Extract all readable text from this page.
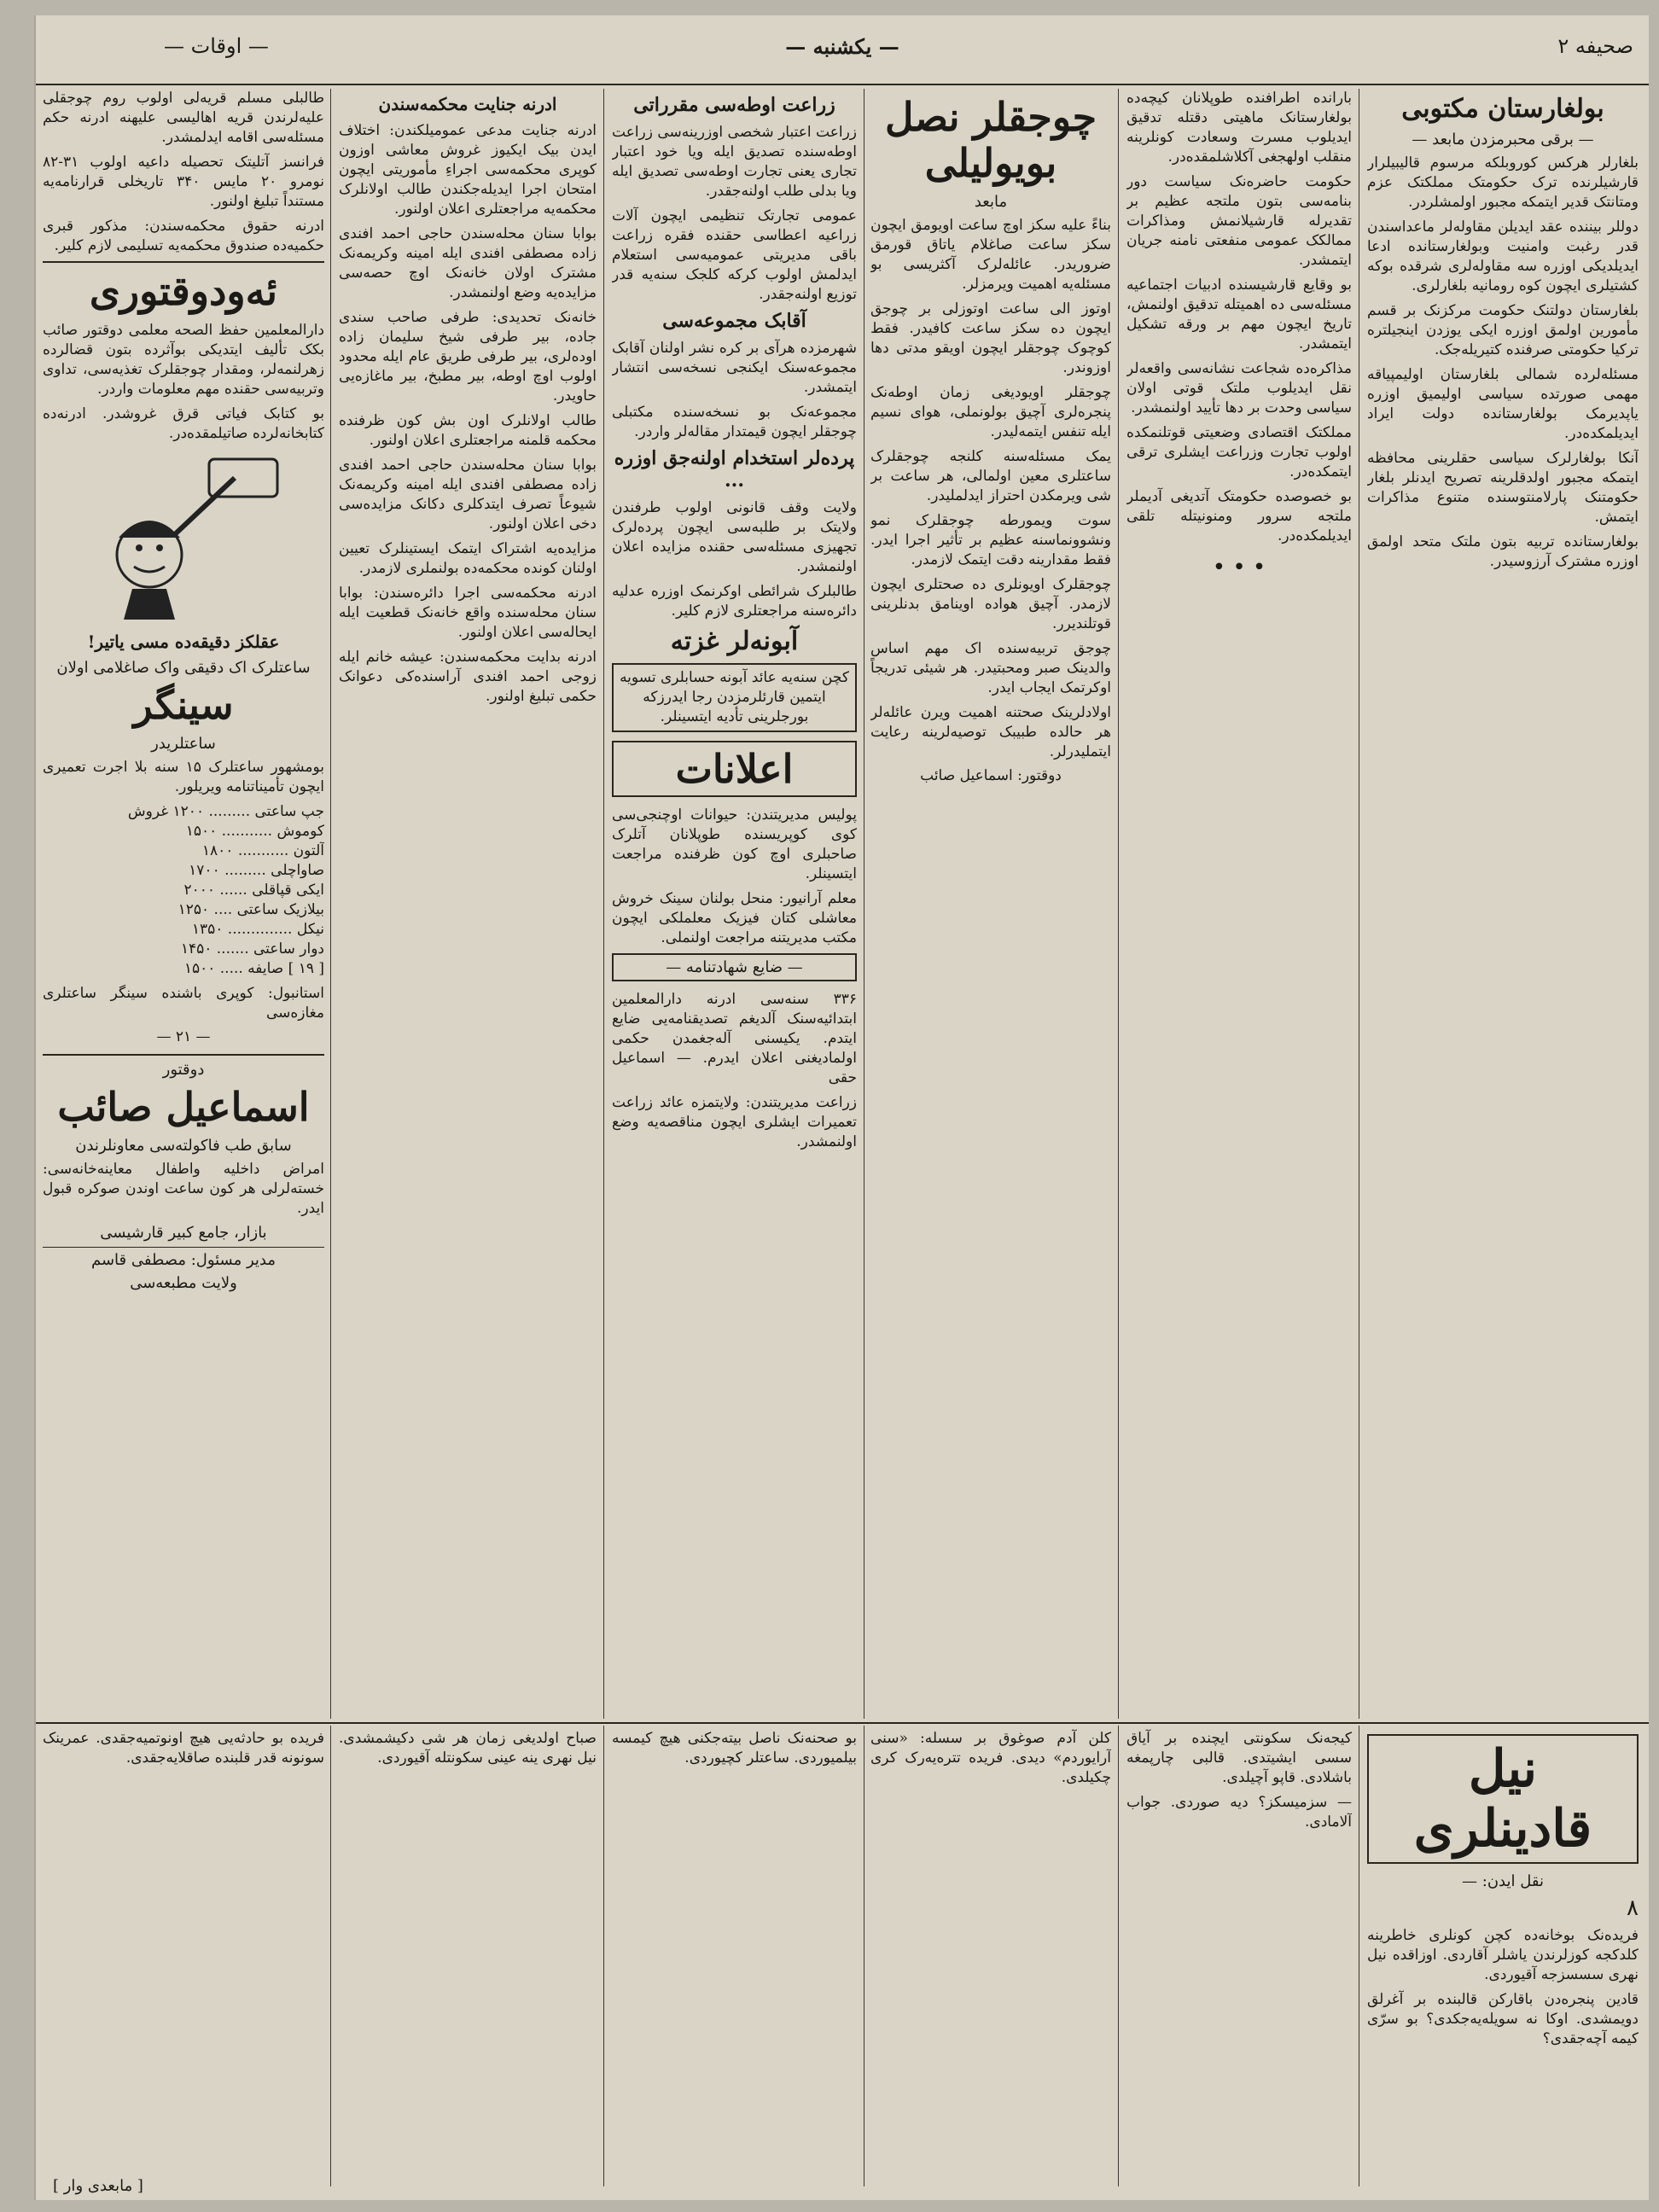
— یکشنبه —	صحیفه ۲
— اوقات —
بولغارستان مکتوبی
— برقی محبرمزدن مابعد —

بلغارلر هرکس کوروبلکه مرسوم قالیبیلرار قارشیلرنده ترک حکومتک مملکتک عزم ومتانتک قدیر ایتمکه مجبور اولمشلردر.

دوللر بیننده عقد ایدیلن مقاوله‌لر ماعداسندن قدر رغبت وامنیت وبولغارستانده ادعا ایدیلدیکی اوزره سه مقاوله‌لری شرقده بوکه کشتیلری ایچون کوه رومانیه بلغارلری.

بلغارستان دولتنک حکومت مرکزنک بر قسم مأمورین اولمق اوزره ایکی یوزدن اینجیلتره ترکیا حکومتی صرفنده کتیریله‌جک.

مسئله‌لرده شمالی بلغارستان اولیمپیاقه مهمی صورتده سیاسی اولیمیق اوزره یاپدیرمک بولغارستانده دولت ایراد ایدیلمکده‌در.

آنکا بولغارلرک سیاسی حقلرینی محافظه ایتمکه مجبور اولدقلرینه تصریح ایدنلر بلغار حکومتنک پارلامنتوسنده متنوع مذاکرات ایتمش.

بولغارستانده تربیه بتون ملتک متحد اولمق اوزره مشترک آرزوسیدر.

بارانده اطرافنده طوپلانان کیچه‌ده بولغارستانک ماهیتی دقتله تدقیق ایدیلوب مسرت وسعادت کونلرینه منقلب اولهجغی آکلاشلمقده‌در.

حکومت حاضره‌نک سیاست دور بنامه‌سی بتون ملتجه عظیم بر تقدیرله قارشیلانمش ومذاکرات ممالکک عمومی منفعتی نامنه جریان ایتمشدر.

بو وقایع قارشیسنده ادبیات اجتماعیه مسئله‌سی ده اهمیتله تدقیق اولنمش، تاریخ ایچون مهم بر ورقه تشکیل ایتمشدر.

مذاکره‌ده شجاعت نشانه‌سی واقعه‌لر نقل ایدیلوب ملتک قوتی اولان سیاسی وحدت بر دها تأیید اولنمشدر.

مملکتک اقتصادی وضعیتی قوتلنمکده اولوب تجارت وزراعت ایشلری ترقی ایتمکده‌در.

بو خصوصده حکومتک آتدیغی آدیملر ملتجه سرور ومنونیتله تلقی ایدیلمکده‌در.

• • •
چوجقلر نصل بویولیلی
مابعد

بناءً علیه سکز اوچ ساعت اویومق ایچون سکز ساعت صاغلام یاتاق قورمق ضروریدر. عائله‌لرک آکثریسی بو مسئله‌یه اهمیت ویرمزلر.

اوتوز الی ساعت اوتوزلی بر چوجق ایچون ده سکز ساعت کافیدر. فقط کوچوک چوجقلر ایچون اویقو مدتی دها اوزوندر.

چوجقلر اویودیغی زمان اوطه‌نک پنجره‌لری آچیق بولونملی، هوای نسیم ایله تنفس ایتمه‌لیدر.

یمک مسئله‌سنه کلنجه چوجقلرک ساعتلری معین اولمالی، هر ساعت بر شی ویرمکدن احتراز ایدلملیدر.

سوت ویمورطه چوجقلرک نمو ونشوونماسنه عظیم بر تأثیر اجرا ایدر. فقط مقدارینه دقت ایتمک لازمدر.

چوجقلرک اویونلری ده صحتلری ایچون لازمدر. آچیق هواده اوینامق بدنلرینی قوتلندیرر.

چوجق تربیه‌سنده اک مهم اساس والدینک صبر ومحبتیدر. هر شیئی تدریجاً اوکرتمک ایجاب ایدر.

اولادلرینک صحتنه اهمیت ویرن عائله‌لر هر حالده طبیبک توصیه‌لرینه رعایت ایتملیدرلر.

دوقتور: اسماعیل صائب
زراعت اوطه‌سی مقرراتی

زراعت اعتبار شخصی اوزرینه‌سی زراعت اوطه‌سنده تصدیق ایله ویا خود اعتبار تجاری یعنی تجارت اوطه‌سی تصدیق ایله ویا بدلی طلب اولنه‌جقدر.

عمومی تجارتک تنظیمی ایچون آلات زراعیه اعطاسی حقنده فقره زراعت باقی مدیریتی عمومیه‌سی استعلام ایدلمش اولوب کرکه کلجک سنه‌یه قدر توزیع اولنه‌جقدر.

آقابک مجموعه‌سی

شهرمزده هرآی بر کره نشر اولنان آقابک مجموعه‌سنک ایکنجی نسخه‌سی انتشار ایتمشدر.

مجموعه‌نک بو نسخه‌سنده مکتبلی چوجقلر ایچون قیمتدار مقاله‌لر واردر.

پرده‌لر استخدام اولنه‌جق اوزره ...

ولایت وقف قانونی اولوب طرفندن ولایتک بر طلبه‌سی ایچون پرده‌لرک تجهیزی مسئله‌سی حقنده مزایده اعلان اولنمشدر.

طالبلرک شرائطی اوکرنمک اوزره عدلیه دائره‌سنه مراجعتلری لازم کلیر.

آبونه‌لر غزته
کچن سنه‌یه عائد آبونه حسابلری تسویه ایتمین قارئلرمزدن رجا ایدرزکه بورجلرینی تأدیه ایتسینلر.
اعلانات

پولیس مدیریتندن: حیوانات اوچنجی‌سی کوی کوپریسنده طوپلانان آتلرک صاحبلری اوچ کون ظرفنده مراجعت ایتسینلر.

معلم آرانیور: منحل بولنان سینک خروش معاشلی کتان فیزیک معلملکی ایچون مکتب مدیریتنه مراجعت اولنملی.

— ضایع شهادتنامه —

۳۳۶ سنه‌سی ادرنه دارالمعلمین ابتدائیه‌سنک آلدیغم تصدیقنامه‌یی ضایع ایتدم. یکیسنی آله‌جغمدن حکمی اولمادیغنی اعلان ایدرم. — اسماعیل حقی

زراعت مدیریتندن: ولایتمزه عائد زراعت تعمیرات ایشلری ایچون مناقصه‌یه وضع اولنمشدر.

ادرنه جنایت محکمه‌سندن

ادرنه جنایت مدعی عمومیلکندن: اختلاف ایدن بیک ایکیوز غروش معاشی اوزون کوپری محکمه‌سی اجراءِ مأموریتی ایچون امتحان اجرا ایدیله‌جکندن طالب اولانلرک محکمه‌یه مراجعتلری اعلان اولنور.

بوابا سنان محله‌سندن حاجی احمد افندی زاده مصطفی افندی ایله امینه وکریمه‌نک مشترک اولان خانه‌نک اوچ حصه‌سی مزایده‌یه وضع اولنمشدر.

خانه‌نک تحدیدی: طرفی صاحب سندی جاده، بیر طرفی شیخ سلیمان زاده اوده‌لری، بیر طرفی طریق عام ایله محدود اولوب اوچ اوطه، بیر مطبخ، بیر ماغازه‌یی حاویدر.

طالب اولانلرک اون بش کون ظرفنده محکمه قلمنه مراجعتلری اعلان اولنور.

بوابا سنان محله‌سندن حاجی احمد افندی زاده مصطفی افندی ایله امینه وکریمه‌نک شیوعاً تصرف ایتدکلری دکانک مزایده‌سی دخی اعلان اولنور.

مزایده‌یه اشتراک ایتمک ایستینلرک تعیین اولنان کونده محکمه‌ده بولنملری لازمدر.

ادرنه محکمه‌سی اجرا دائره‌سندن: بوابا سنان محله‌سنده واقع خانه‌نک قطعیت ایله ایحاله‌سی اعلان اولنور.

ادرنه بدایت محکمه‌سندن: عیشه خانم ایله زوجی احمد افندی آراسنده‌کی دعوانک حکمی تبلیغ اولنور.

طالبلی مسلم قریه‌لی اولوب روم چوجقلی علیه‌لرندن قریه اهالیسی علیهنه ادرنه حکم مسئله‌سی اقامه ایدلمشدر.

فرانسز آتلیتک تحصیله داعیه اولوب ۳۱-۸۲ نومرو ۲۰ مایس ۳۴۰ تاریخلی قرارنامه‌یه مستنداً تبلیغ اولنور.

ادرنه حقوق محکمه‌سندن: مذکور قبری حکمیه‌ده صندوق محکمه‌یه تسلیمی لازم کلیر.

ئەودوقتوری

دارالمعلمین حفظ الصحه معلمی دوقتور صائب بکک تألیف ایتدیکی بوآثرده بتون قضالرده زهرلنمه‌لر، ومقدار چوجقلرک تغذیه‌سی، تداوی وتربیه‌سی حقنده مهم معلومات واردر.

بو کتابک فیاتی قرق غروشدر. ادرنه‌ده کتابخانه‌لرده صاتیلمقده‌در.

عقلکز دقیقه‌ده مسی یاتیر!
ساعتلرک اک دقیقی واک صاغلامی اولان
سینگر
ساعتلریدر

بومشهور ساعتلرک ۱۵ سنه بلا اجرت تعمیری ایچون تأمیناتنامه ویریلور.

جپ ساعتی ......... ۱۲۰۰ غروش

کوموش ........... ۱۵۰۰

آلتون ........... ۱۸۰۰

صاواچلی ......... ۱۷۰۰

ایکی قپاقلی ...... ۲۰۰۰

بیلازیک ساعتی .... ۱۲۵۰

نیکل .............. ۱۳۵۰

دوار ساعتی ....... ۱۴۵۰

[ ۱۹ ] صایفه ..... ۱۵۰۰

استانبول: کوپری باشنده سینگر ساعتلری مغازه‌سی

— ۲۱ —
دوقتور
اسماعیل صائب
سابق طب فاکولته‌سی معاونلرندن

امراض داخلیه واطفال معاینه‌خانه‌سی: خسته‌لرلی هر کون ساعت اوندن صوکره قبول ایدر.

بازار، جامع کبیر قارشیسی
مدیر مسئول: مصطفی قاسم
ولایت مطبعه‌سی
نیل قادینلری
نقل ایدن: —
۸

فریده‌نک بوخانه‌ده کچن کونلری خاطرینه کلدکجه کوزلرندن یاشلر آقاردی. اوزاقده نیل نهری سسسزجه آقیوردی.

قادین پنجره‌دن باقارکن قالبنده بر آغرلق دویمشدی. اوکا نه سویله‌یه‌جکدی؟ بو سرّی کیمه آچه‌جقدی؟

کیجه‌نک سکونتی ایچنده بر آیاق سسی ایشیتدی. قالبی چارپمغه باشلادی. قاپو آچیلدی.

— سزمیسکز؟ دیه صوردی. جواب آلامادی.

کلن آدم صوغوق بر سسله: «سنی آرایوردم» دیدی. فریده تتره‌یه‌رک کری چکیلدی.

بو صحنه‌نک ناصل بیته‌جکنی هیچ کیمسه بیلمیوردی. ساعتلر کچیوردی.

صباح اولدیغی زمان هر شی دکیشمشدی. نیل نهری ینه عینی سکونتله آقیوردی.

فریده بو حادثه‌یی هیچ اونوتمیه‌جقدی. عمرینک سونونه قدر قلبنده صاقلایه‌جقدی.

[ مابعدی وار ]
